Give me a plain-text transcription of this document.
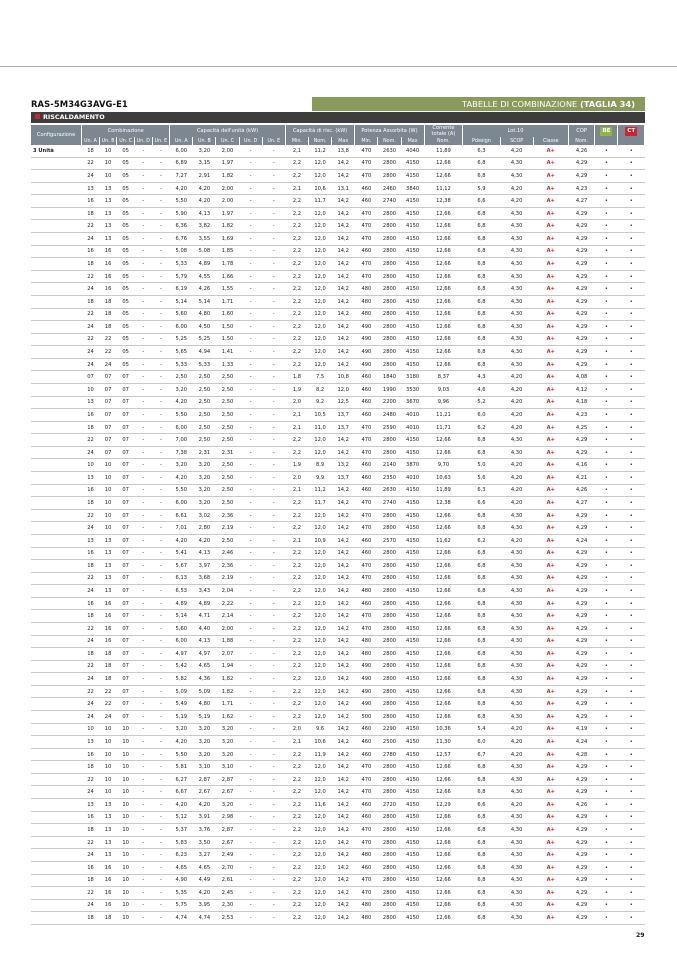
RAS-5M34G3AVG-E1	TABELLE DI COMBINAZIONE (TAGLIA 34)
RISCALDAMENTO
Configurazione	Combinazione					Capacità dell'unità (kW)					Capacità di risc. (kW)			Potenza Assorbita (W)			Corrente totale (A)	Lot.10			COP	BE	CT
	Un. A	Un. B	Un. C	Un. D	Un. E	Un. A	Un. B	Un. C	Un. D	Un. E	Min.	Nom.	Max	Min.	Nom.	Max	Nom.	Pdesign	SCOP	Classe	Nom.		
3 Unità	18	10	05	-	-	6,00	3,20	2,00	-	-	2,1	11,2	13,8	470	2630	4040	11,89	6,3	4,20	A+	4,26	•	•
	22	10	05	-	-	6,89	3,15	1,97	-	-	2,2	12,0	14,2	470	2800	4150	12,66	6,8	4,30	A+	4,29	•	•
	24	10	05	-	-	7,27	2,91	1,82	-	-	2,2	12,0	14,2	470	2800	4150	12,66	6,8	4,30	A+	4,29	•	•
	13	13	05	-	-	4,20	4,20	2,00	-	-	2,1	10,6	13,1	460	2460	3840	11,12	5,9	4,20	A+	4,23	•	•
	16	13	05	-	-	5,50	4,20	2,00	-	-	2,2	11,7	14,2	460	2740	4150	12,38	6,6	4,20	A+	4,27	•	•
	18	13	05	-	-	5,90	4,13	1,97	-	-	2,2	12,0	14,2	470	2800	4150	12,66	6,8	4,30	A+	4,29	•	•
	22	13	05	-	-	6,36	3,82	1,82	-	-	2,2	12,0	14,2	470	2800	4150	12,66	6,8	4,30	A+	4,29	•	•
	24	13	05	-	-	6,76	3,55	1,69	-	-	2,2	12,0	14,2	470	2800	4150	12,66	6,8	4,30	A+	4,29	•	•
	16	16	05	-	-	5,08	5,08	1,85	-	-	2,2	12,0	14,2	460	2800	4150	12,66	6,8	4,30	A+	4,29	•	•
	18	16	05	-	-	5,33	4,89	1,78	-	-	2,2	12,0	14,2	470	2800	4150	12,66	6,8	4,30	A+	4,29	•	•
	22	16	05	-	-	5,79	4,55	1,66	-	-	2,2	12,0	14,2	470	2800	4150	12,66	6,8	4,30	A+	4,29	•	•
	24	16	05	-	-	6,19	4,26	1,55	-	-	2,2	12,0	14,2	480	2800	4150	12,66	6,8	4,30	A+	4,29	•	•
	18	18	05	-	-	5,14	5,14	1,71	-	-	2,2	12,0	14,2	480	2800	4150	12,66	6,8	4,30	A+	4,29	•	•
	22	18	05	-	-	5,60	4,80	1,60	-	-	2,2	12,0	14,2	480	2800	4150	12,66	6,8	4,30	A+	4,29	•	•
	24	18	05	-	-	6,00	4,50	1,50	-	-	2,2	12,0	14,2	490	2800	4150	12,66	6,8	4,30	A+	4,29	•	•
	22	22	05	-	-	5,25	5,25	1,50	-	-	2,2	12,0	14,2	490	2800	4150	12,66	6,8	4,30	A+	4,29	•	•
	24	22	05	-	-	5,65	4,94	1,41	-	-	2,2	12,0	14,2	490	2800	4150	12,66	6,8	4,30	A+	4,29	•	•
	24	24	05	-	-	5,33	5,33	1,33	-	-	2,2	12,0	14,2	490	2800	4150	12,66	6,8	4,30	A+	4,29	•	•
	07	07	07	-	-	2,50	2,50	2,50	-	-	1,8	7,5	10,8	460	1840	3180	8,37	4,3	4,20	A+	4,08	•	•
	10	07	07	-	-	3,20	2,50	2,50	-	-	1,9	8,2	12,0	460	1990	3530	9,03	4,6	4,20	A+	4,12	•	•
	13	07	07	-	-	4,20	2,50	2,50	-	-	2,0	9,2	12,5	460	2200	3670	9,96	5,2	4,20	A+	4,18	•	•
	16	07	07	-	-	5,50	2,50	2,50	-	-	2,1	10,5	13,7	460	2480	4010	11,21	6,0	4,20	A+	4,23	•	•
	18	07	07	-	-	6,00	2,50	2,50	-	-	2,1	11,0	13,7	470	2590	4010	11,71	6,2	4,20	A+	4,25	•	•
	22	07	07	-	-	7,00	2,50	2,50	-	-	2,2	12,0	14,2	470	2800	4150	12,66	6,8	4,30	A+	4,29	•	•
	24	07	07	-	-	7,38	2,31	2,31	-	-	2,2	12,0	14,2	470	2800	4150	12,66	6,8	4,30	A+	4,29	•	•
	10	10	07	-	-	3,20	3,20	2,50	-	-	1,9	8,9	13,2	460	2140	3870	9,70	5,0	4,20	A+	4,16	•	•
	13	10	07	-	-	4,20	3,20	2,50	-	-	2,0	9,9	13,7	460	2350	4010	10,63	5,6	4,20	A+	4,21	•	•
	16	10	07	-	-	5,50	3,20	2,50	-	-	2,1	11,2	14,2	460	2630	4150	11,89	6,3	4,20	A+	4,26	•	•
	18	10	07	-	-	6,00	3,20	2,50	-	-	2,2	11,7	14,2	470	2740	4150	12,38	6,6	4,20	A+	4,27	•	•
	22	10	07	-	-	6,61	3,02	2,36	-	-	2,2	12,0	14,2	470	2800	4150	12,66	6,8	4,30	A+	4,29	•	•
	24	10	07	-	-	7,01	2,80	2,19	-	-	2,2	12,0	14,2	470	2800	4150	12,66	6,8	4,30	A+	4,29	•	•
	13	13	07	-	-	4,20	4,20	2,50	-	-	2,1	10,9	14,2	460	2570	4150	11,62	6,2	4,20	A+	4,24	•	•
	16	13	07	-	-	5,41	4,13	2,46	-	-	2,2	12,0	14,2	460	2800	4150	12,66	6,8	4,30	A+	4,29	•	•
	18	13	07	-	-	5,67	3,97	2,36	-	-	2,2	12,0	14,2	470	2800	4150	12,66	6,8	4,30	A+	4,29	•	•
	22	13	07	-	-	6,13	3,68	2,19	-	-	2,2	12,0	14,2	470	2800	4150	12,66	6,8	4,30	A+	4,29	•	•
	24	13	07	-	-	6,53	3,43	2,04	-	-	2,2	12,0	14,2	480	2800	4150	12,66	6,8	4,30	A+	4,29	•	•
	16	16	07	-	-	4,89	4,89	2,22	-	-	2,2	12,0	14,2	460	2800	4150	12,66	6,8	4,30	A+	4,29	•	•
	18	16	07	-	-	5,14	4,71	2,14	-	-	2,2	12,0	14,2	470	2800	4150	12,66	6,8	4,30	A+	4,29	•	•
	22	16	07	-	-	5,60	4,40	2,00	-	-	2,2	12,0	14,2	470	2800	4150	12,66	6,8	4,30	A+	4,29	•	•
	24	16	07	-	-	6,00	4,13	1,88	-	-	2,2	12,0	14,2	480	2800	4150	12,66	6,8	4,30	A+	4,29	•	•
	18	18	07	-	-	4,97	4,97	2,07	-	-	2,2	12,0	14,2	480	2800	4150	12,66	6,8	4,30	A+	4,29	•	•
	22	18	07	-	-	5,42	4,65	1,94	-	-	2,2	12,0	14,2	490	2800	4150	12,66	6,8	4,30	A+	4,29	•	•
	24	18	07	-	-	5,82	4,36	1,82	-	-	2,2	12,0	14,2	490	2800	4150	12,66	6,8	4,30	A+	4,29	•	•
	22	22	07	-	-	5,09	5,09	1,82	-	-	2,2	12,0	14,2	490	2800	4150	12,66	6,8	4,30	A+	4,29	•	•
	24	22	07	-	-	5,49	4,80	1,71	-	-	2,2	12,0	14,2	490	2800	4150	12,66	6,8	4,30	A+	4,29	•	•
	24	24	07	-	-	5,19	5,19	1,62	-	-	2,2	12,0	14,2	500	2800	4150	12,66	6,8	4,30	A+	4,29	•	•
	10	10	10	-	-	3,20	3,20	3,20	-	-	2,0	9,6	14,2	460	2290	4150	10,36	5,4	4,20	A+	4,19	•	•
	13	10	10	-	-	4,20	3,20	3,20	-	-	2,1	10,6	14,2	460	2500	4150	11,30	6,0	4,20	A+	4,24	•	•
	16	10	10	-	-	5,50	3,20	3,20	-	-	2,2	11,9	14,2	460	2780	4150	12,57	6,7	4,20	A+	4,28	•	•
	18	10	10	-	-	5,81	3,10	3,10	-	-	2,2	12,0	14,2	470	2800	4150	12,66	6,8	4,30	A+	4,29	•	•
	22	10	10	-	-	6,27	2,87	2,87	-	-	2,2	12,0	14,2	470	2800	4150	12,66	6,8	4,30	A+	4,29	•	•
	24	10	10	-	-	6,67	2,67	2,67	-	-	2,2	12,0	14,2	470	2800	4150	12,66	6,8	4,30	A+	4,29	•	•
	13	13	10	-	-	4,20	4,20	3,20	-	-	2,2	11,6	14,2	460	2720	4150	12,29	6,6	4,20	A+	4,26	•	•
	16	13	10	-	-	5,12	3,91	2,98	-	-	2,2	12,0	14,2	460	2800	4150	12,66	6,8	4,30	A+	4,29	•	•
	18	13	10	-	-	5,37	3,76	2,87	-	-	2,2	12,0	14,2	470	2800	4150	12,66	6,8	4,30	A+	4,29	•	•
	22	13	10	-	-	5,83	3,50	2,67	-	-	2,2	12,0	14,2	470	2800	4150	12,66	6,8	4,30	A+	4,29	•	•
	24	13	10	-	-	6,23	3,27	2,49	-	-	2,2	12,0	14,2	480	2800	4150	12,66	6,8	4,30	A+	4,29	•	•
	16	16	10	-	-	4,65	4,65	2,70	-	-	2,2	12,0	14,2	460	2800	4150	12,66	6,8	4,30	A+	4,29	•	•
	18	16	10	-	-	4,90	4,49	2,61	-	-	2,2	12,0	14,2	470	2800	4150	12,66	6,8	4,30	A+	4,29	•	•
	22	16	10	-	-	5,35	4,20	2,45	-	-	2,2	12,0	14,2	470	2800	4150	12,66	6,8	4,30	A+	4,29	•	•
	24	16	10	-	-	5,75	3,95	2,30	-	-	2,2	12,0	14,2	480	2800	4150	12,66	6,8	4,30	A+	4,29	•	•
	18	18	10	-	-	4,74	4,74	2,53	-	-	2,2	12,0	14,2	480	2800	4150	12,66	6,8	4,30	A+	4,29	•	•
29
